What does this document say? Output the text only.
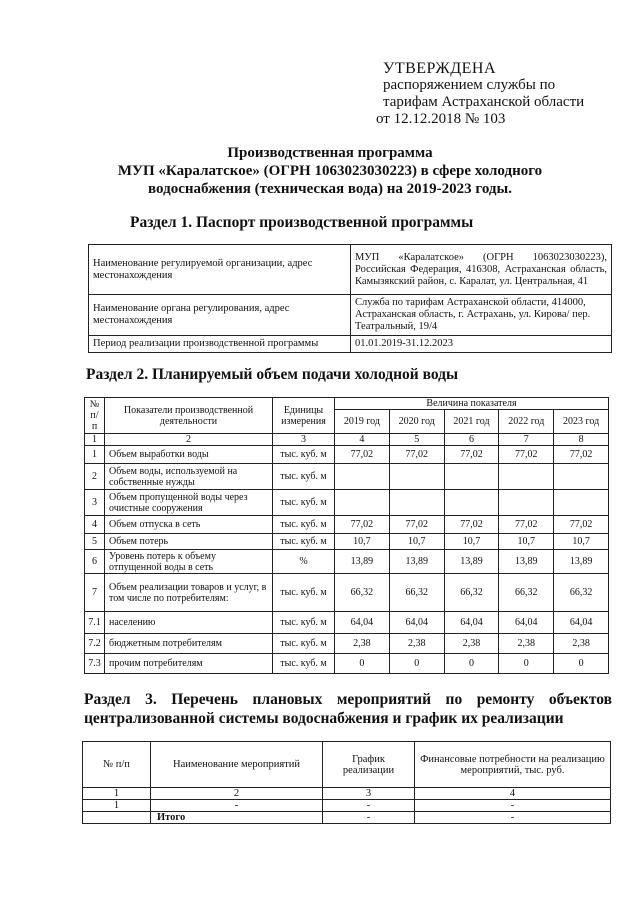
УТВЕРЖДЕНА
распоряжением службы по
тарифам Астраханской области
от 12.12.2018 № 103
Производственная программа
МУП «Каралатское» (ОГРН 1063023030223) в сфере холодного
водоснабжения (техническая вода) на 2019-2023 годы.
Раздел 1. Паспорт производственной программы
Наименование регулируемой организации, адрес местонахождения	МУП «Каралатское» (ОГРН 1063023030223), Российская Федерация, 416308, Астраханская область, Камызякский район, с. Каралат, ул. Центральная, 41
Наименование органа регулирования, адрес местонахождения	Служба по тарифам Астраханской области, 414000, Астраханская область, г. Астрахань, ул. Кирова/ пер. Театральный, 19/4
Период реализации производственной программы	01.01.2019-31.12.2023
Раздел 2. Планируемый объем подачи холодной воды
№ п/ п	Показатели производственной деятельности	Единицы измерения	Величина показателя				
			2019 год	2020 год	2021 год	2022 год	2023 год
1	2	3	4	5	6	7	8
1	Объем выработки воды	тыс. куб. м	77,02	77,02	77,02	77,02	77,02
2	Объем воды, используемой на собственные нужды	тыс. куб. м					
3	Объем пропущенной воды через очистные сооружения	тыс. куб. м					
4	Объем отпуска в сеть	тыс. куб. м	77,02	77,02	77,02	77,02	77,02
5	Объем потерь	тыс. куб. м	10,7	10,7	10,7	10,7	10,7
6	Уровень потерь к объему отпущенной воды в сеть	%	13,89	13,89	13,89	13,89	13,89
7	Объем реализации товаров и услуг, в том числе по потребителям:	тыс. куб. м	66,32	66,32	66,32	66,32	66,32
7.1	населению	тыс. куб. м	64,04	64,04	64,04	64,04	64,04
7.2	бюджетным потребителям	тыс. куб. м	2,38	2,38	2,38	2,38	2,38
7.3	прочим потребителям	тыс. куб. м	0	0	0	0	0
Раздел 3. Перечень плановых мероприятий по ремонту объектов
централизованной системы водоснабжения и график их реализации
№ п/п	Наименование мероприятий	График реализации	Финансовые потребности на реализацию мероприятий, тыс. руб.
1	2	3	4
1	-	-	-
	Итого	-	-
